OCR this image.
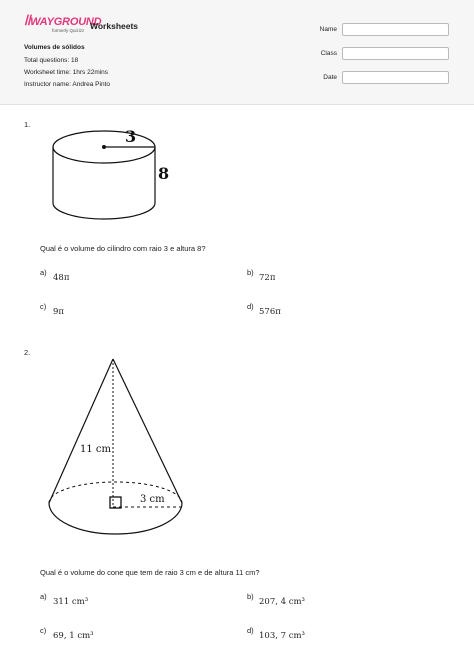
ꟾꟾWAYGROUND
formerly Quizizz Worksheets
Volumes de sólidos
Total questions: 18
Worksheet time: 1hrs 22mins
Instructor name: Andrea Pinto
Name
Class
Date
1.
3
8
Qual é o volume do cilindro com raio 3 e altura 8?
a)
48π
b)
72π
c)
9π
d)
576π
2.
11 cm
3 cm
Qual é o volume do cone que tem de raio 3 cm e de altura 11 cm?
a)
311 cm³
b)
207, 4 cm³
c)
69, 1 cm³
d)
103, 7 cm³
